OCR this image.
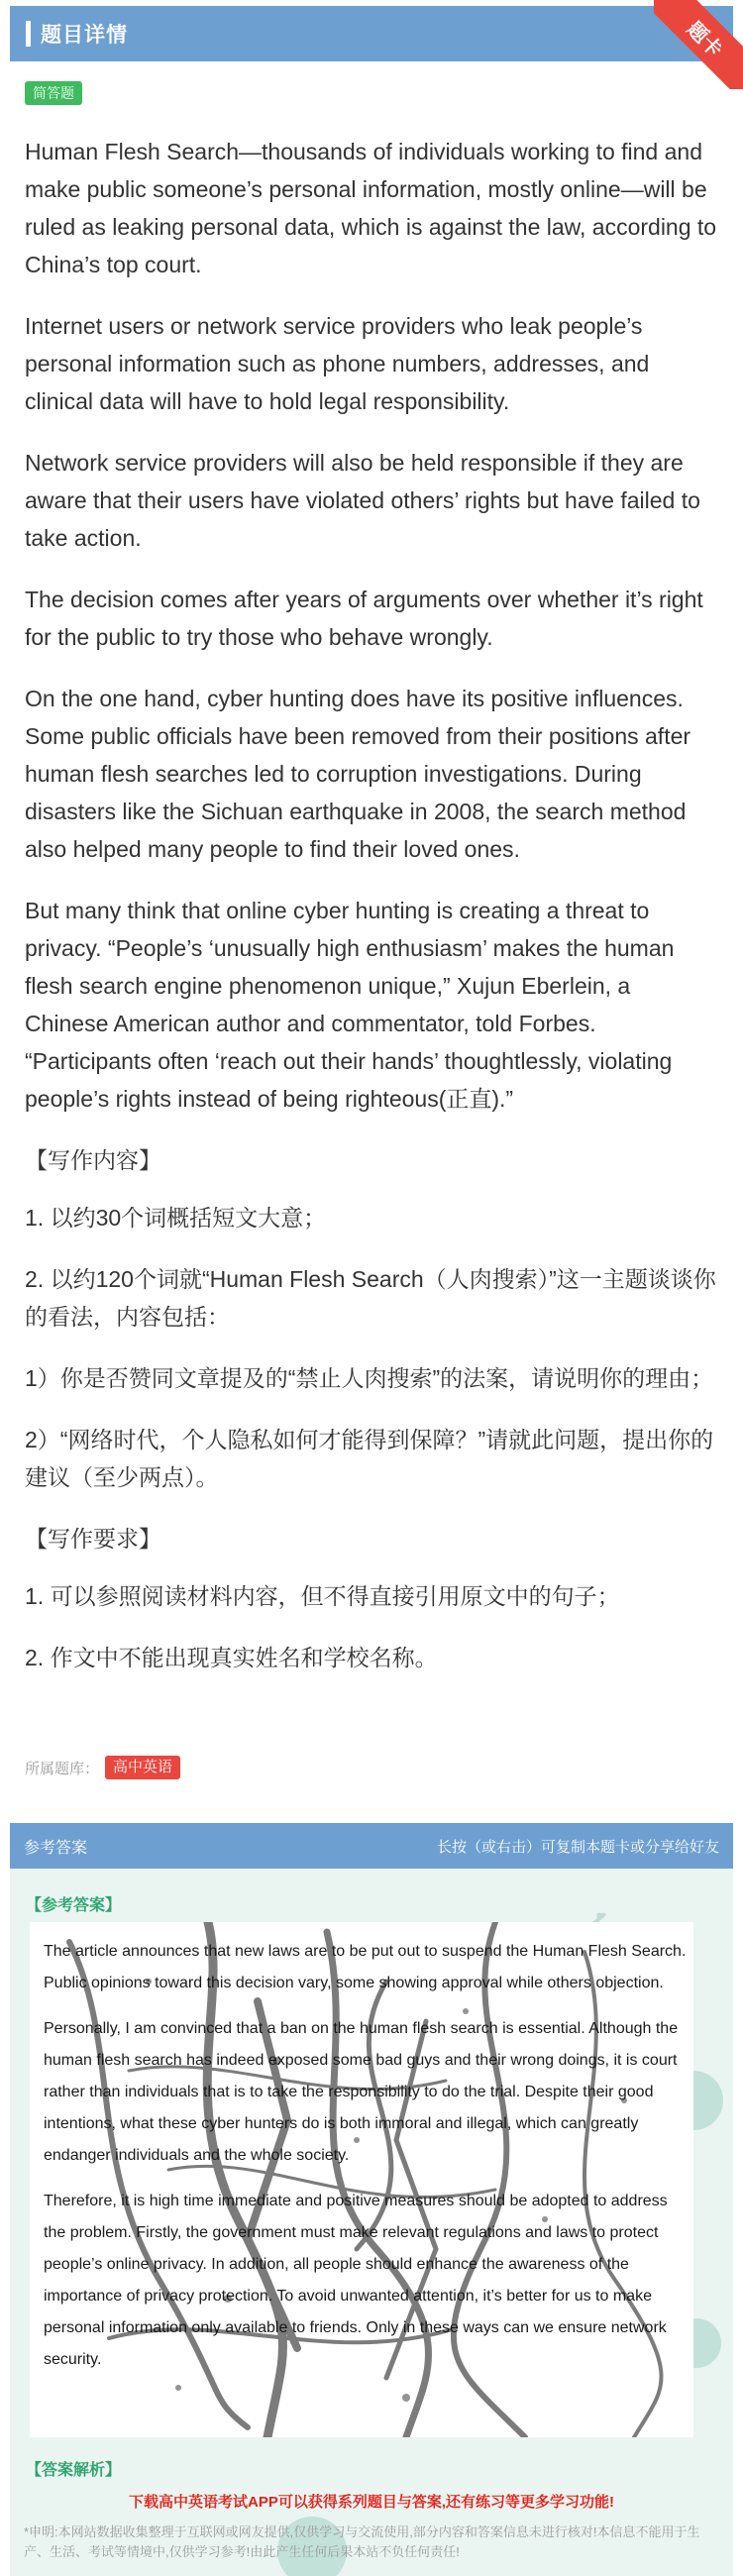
题目详情	题卡
简答题

Human Flesh Search—thousands of individuals working to find and make public someone’s personal information, mostly online—will be ruled as leaking personal data, which is against the law, according to China’s top court.

Internet users or network service providers who leak people’s personal information such as phone numbers, addresses, and clinical data will have to hold legal responsibility.

Network service providers will also be held responsible if they are aware that their users have violated others’ rights but have failed to take action.

The decision comes after years of arguments over whether it’s right for the public to try those who behave wrongly.

On the one hand, cyber hunting does have its positive influences. Some public officials have been removed from their positions after human flesh searches led to corruption investigations. During disasters like the Sichuan earthquake in 2008, the search method also helped many people to find their loved ones.

But many think that online cyber hunting is creating a threat to privacy. “People’s ‘unusually high enthusiasm’ makes the human flesh search engine phenomenon unique,” Xujun Eberlein, a Chinese American author and commentator, told Forbes. “Participants often ‘reach out their hands’ thoughtlessly, violating people’s rights instead of being righteous(正直).”

【写作内容】

1. 以约30个词概括短文大意；

2. 以约120个词就“Human Flesh Search（人肉搜索）”这一主题谈谈你的看法，内容包括：

1）你是否赞同文章提及的“禁止人肉搜索”的法案，请说明你的理由；

2）“网络时代，个人隐私如何才能得到保障？”请就此问题，提出你的建议（至少两点）。

【写作要求】

1. 可以参照阅读材料内容，但不得直接引用原文中的句子；

2. 作文中不能出现真实姓名和学校名称。

所属题库： 高中英语
参考答案	长按（或右击）可复制本题卡或分享给好友
【参考答案】

The article announces that new laws are to be put out to suspend the Human Flesh Search. Public opinions toward this decision vary, some showing approval while others objection.

Personally, I am convinced that a ban on the human flesh search is essential. Although the human flesh search has indeed exposed some bad guys and their wrong doings, it is court rather than individuals that is to take the responsibility to do the trial. Despite their good intentions, what these cyber hunters do is both immoral and illegal, which can greatly endanger individuals and the whole society.

Therefore, it is high time immediate and positive measures should be adopted to address the problem. Firstly, the government must make relevant regulations and laws to protect people’s online privacy. In addition, all people should enhance the awareness of the importance of privacy protection. To avoid unwanted attention, it’s better for us to make personal information only available to friends. Only in these ways can we ensure network security.

【答案解析】
下载高中英语考试APP可以获得系列题目与答案,还有练习等更多学习功能!
*申明:本网站数据收集整理于互联网或网友提供,仅供学习与交流使用,部分内容和答案信息未进行核对!本信息不能用于生产、生活、考试等情境中,仅供学习参考!由此产生任何后果本站不负任何责任!
